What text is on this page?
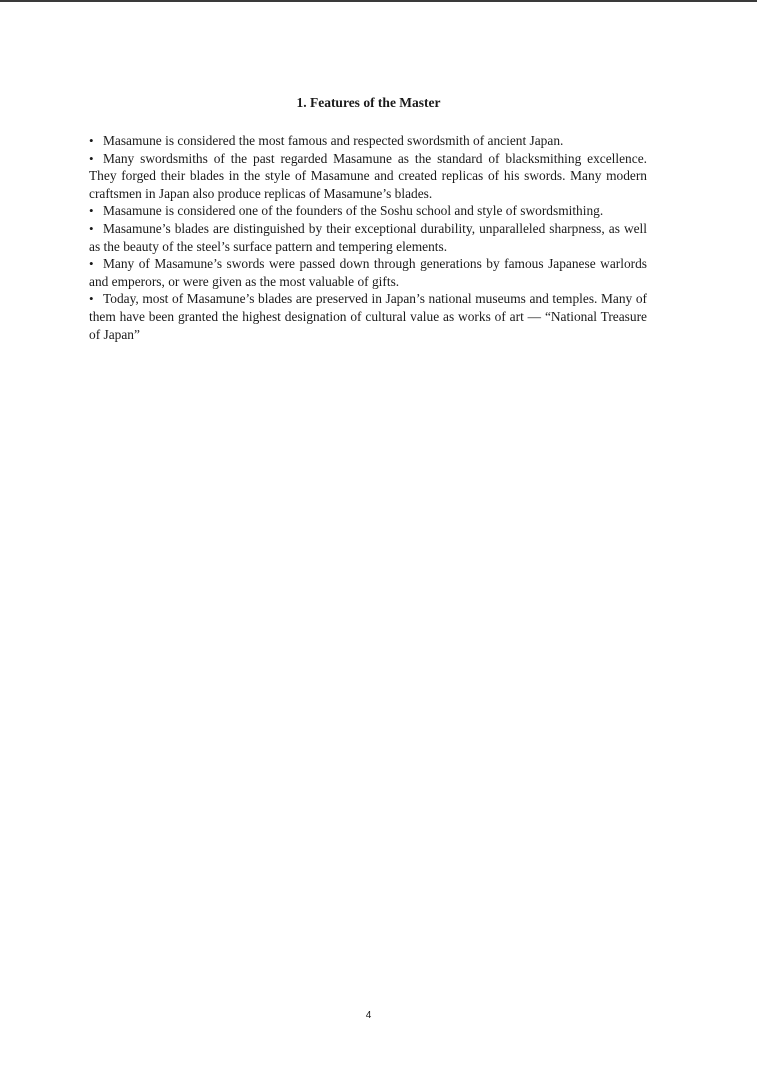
1. Features of the Master

• Masamune is considered the most famous and respected swordsmith of ancient Japan.

• Many swordsmiths of the past regarded Masamune as the standard of blacksmithing excellence. They forged their blades in the style of Masamune and created replicas of his swords. Many modern craftsmen in Japan also produce replicas of Masamune’s blades.

• Masamune is considered one of the founders of the Soshu school and style of swordsmithing.

• Masamune’s blades are distinguished by their exceptional durability, unparalleled sharpness, as well as the beauty of the steel’s surface pattern and tempering elements.

• Many of Masamune’s swords were passed down through generations by famous Japanese warlords and emperors, or were given as the most valuable of gifts.

• Today, most of Masamune’s blades are preserved in Japan’s national museums and temples. Many of them have been granted the highest designation of cultural value as works of art — “National Treasure of Japan”

4
